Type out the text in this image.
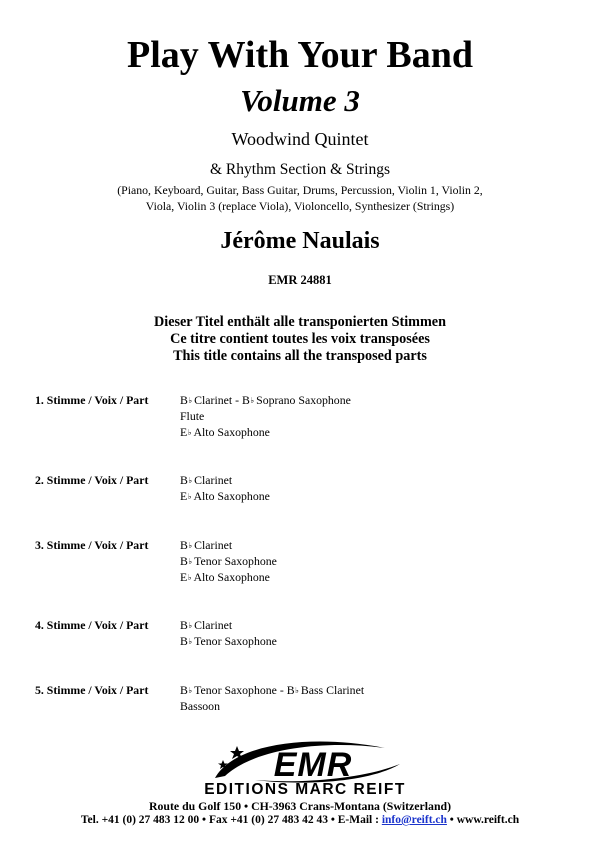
Play With Your Band
Volume 3
Woodwind Quintet
& Rhythm Section & Strings
(Piano, Keyboard, Guitar, Bass Guitar, Drums, Percussion, Violin 1, Violin 2,
Viola, Violin 3 (replace Viola), Violoncello, Synthesizer (Strings)
Jérôme Naulais
EMR 24881
Dieser Titel enthält alle transponierten Stimmen
Ce titre contient toutes les voix transposées
This title contains all the transposed parts
1. Stimme / Voix / Part	B♭ Clarinet - B♭ Soprano Saxophone
Flute
E♭ Alto Saxophone
2. Stimme / Voix / Part	B♭ Clarinet
E♭ Alto Saxophone
3. Stimme / Voix / Part	B♭ Clarinet
B♭ Tenor Saxophone
E♭ Alto Saxophone
4. Stimme / Voix / Part	B♭ Clarinet
B♭ Tenor Saxophone
5. Stimme / Voix / Part	B♭ Tenor Saxophone - B♭ Bass Clarinet
Bassoon
EMR
EDITIONS MARC REIFT
Route du Golf 150 • CH-3963 Crans-Montana (Switzerland)
Tel. +41 (0) 27 483 12 00 • Fax +41 (0) 27 483 42 43 • E-Mail : info@reift.ch • www.reift.ch
